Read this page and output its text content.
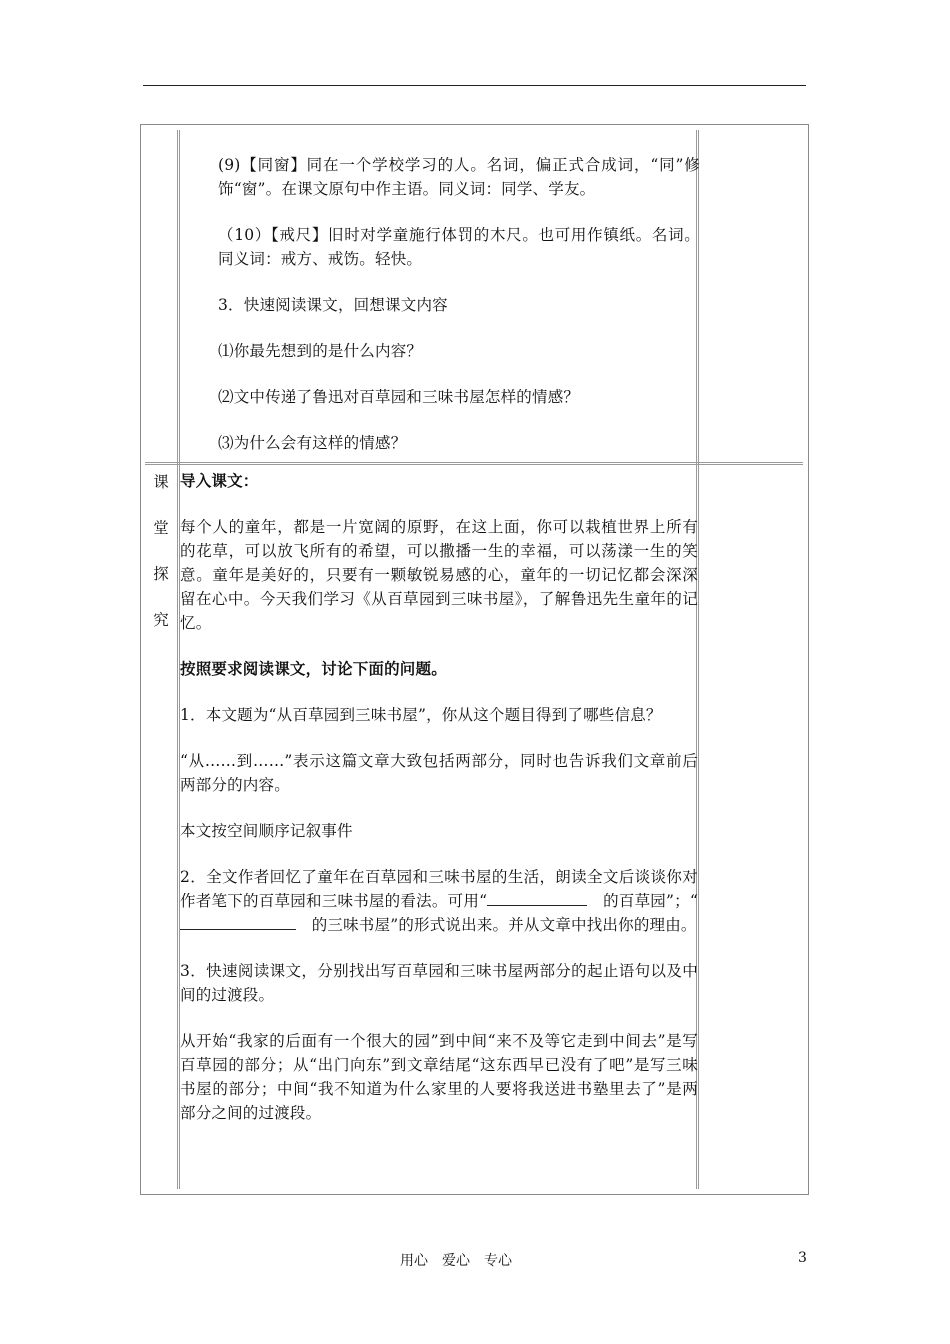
(9)【同窗】同在一个学校学习的人。名词，偏正式合成词，“同”修饰“窗”。在课文原句中作主语。同义词：同学、学友。

（10）【戒尺】旧时对学童施行体罚的木尺。也可用作镇纸。名词。同义词：戒方、戒饬。轻快。

3．快速阅读课文，回想课文内容

⑴你最先想到的是什么内容？

⑵文中传递了鲁迅对百草园和三味书屋怎样的情感？

⑶为什么会有这样的情感？

课
堂
探
究

导入课文：

每个人的童年，都是一片宽阔的原野，在这上面，你可以栽植世界上所有的花草，可以放飞所有的希望，可以撒播一生的幸福，可以荡漾一生的笑意。童年是美好的，只要有一颗敏锐易感的心，童年的一切记忆都会深深留在心中。今天我们学习《从百草园到三味书屋》，了解鲁迅先生童年的记忆。

按照要求阅读课文，讨论下面的问题。

1．本文题为“从百草园到三味书屋”，你从这个题目得到了哪些信息？

“从……到……”表示这篇文章大致包括两部分，同时也告诉我们文章前后两部分的内容。

本文按空间顺序记叙事件

2．全文作者回忆了童年在百草园和三味书屋的生活，朗读全文后谈谈你对作者笔下的百草园和三味书屋的看法。可用“　	的百草园”；“　　的三味书屋”的形式说出来。并从文章中找出你的理由。

3．快速阅读课文，分别找出写百草园和三味书屋两部分的起止语句以及中间的过渡段。

从开始“我家的后面有一个很大的园”到中间“来不及等它走到中间去”是写百草园的部分；从“出门向东”到文章结尾“这东西早已没有了吧”是写三味书屋的部分；中间“我不知道为什么家里的人要将我送进书塾里去了”是两部分之间的过渡段。

用心　爱心　专心	3
